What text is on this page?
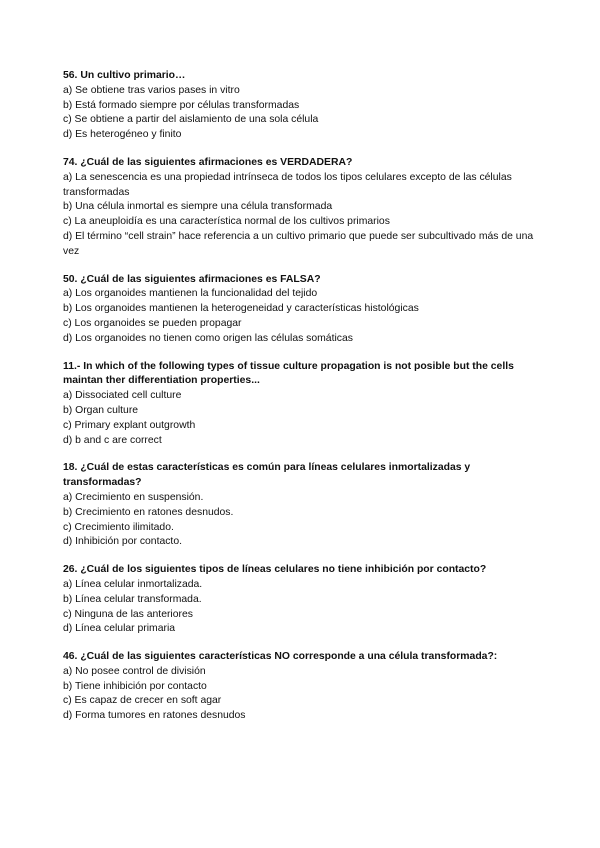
56. Un cultivo primario…

a) Se obtiene tras varios pases in vitro

b) Está formado siempre por células transformadas

c) Se obtiene a partir del aislamiento de una sola célula

d) Es heterogéneo y finito

74. ¿Cuál de las siguientes afirmaciones es VERDADERA?

a) La senescencia es una propiedad intrínseca de todos los tipos celulares excepto de las células transformadas

b) Una célula inmortal es siempre una célula transformada

c) La aneuploidía es una característica normal de los cultivos primarios

d) El término “cell strain” hace referencia a un cultivo primario que puede ser subcultivado más de una vez

50. ¿Cuál de las siguientes afirmaciones es FALSA?

a) Los organoides mantienen la funcionalidad del tejido

b) Los organoides mantienen la heterogeneidad y características histológicas

c) Los organoides se pueden propagar

d) Los organoides no tienen como origen las células somáticas

11.- In which of the following types of tissue culture propagation is not posible but the cells maintan ther differentiation properties...

a) Dissociated cell culture

b) Organ culture

c) Primary explant outgrowth

d) b and c are correct

18. ¿Cuál de estas características es común para líneas celulares inmortalizadas y transformadas?

a) Crecimiento en suspensión.

b) Crecimiento en ratones desnudos.

c) Crecimiento ilimitado.

d) Inhibición por contacto.

26. ¿Cuál de los siguientes tipos de líneas celulares no tiene inhibición por contacto?

a) Línea celular inmortalizada.

b) Línea celular transformada.

c) Ninguna de las anteriores

d) Línea celular primaria

46. ¿Cuál de las siguientes características NO corresponde a una célula transformada?:

a) No posee control de división

b) Tiene inhibición por contacto

c) Es capaz de crecer en soft agar

d) Forma tumores en ratones desnudos
